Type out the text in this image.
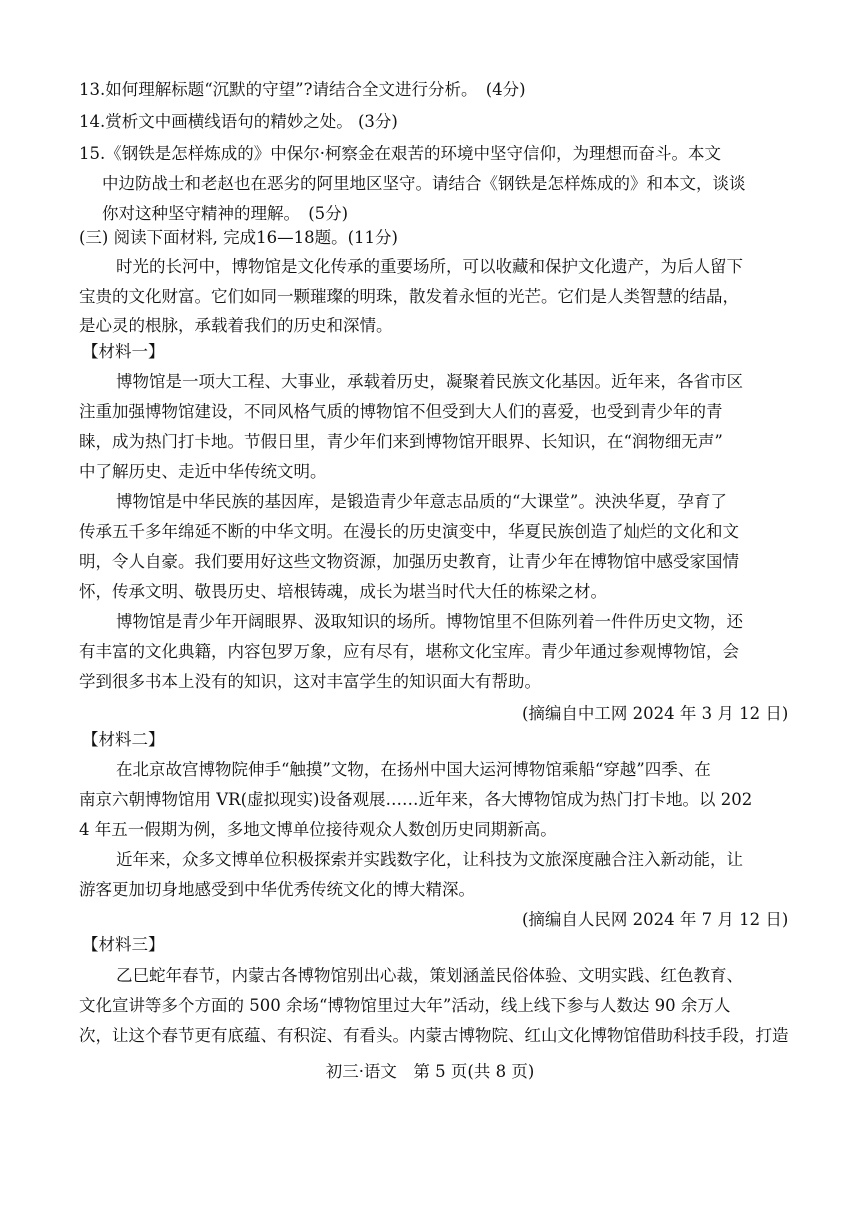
13.如何理解标题“沉默的守望”?请结合全文进行分析。　(4分)
14.赏析文中画横线语句的精妙之处。 (3分)
15.《钢铁是怎样炼成的》中保尔·柯察金在艰苦的环境中坚守信仰，为理想而奋斗。本文
中边防战士和老赵也在恶劣的阿里地区坚守。请结合《钢铁是怎样炼成的》和本文，谈谈
你对这种坚守精神的理解。　(5分)
(三) 阅读下面材料, 完成16—18题。(11分)
时光的长河中，博物馆是文化传承的重要场所，可以收藏和保护文化遗产，为后人留下
宝贵的文化财富。它们如同一颗璀璨的明珠，散发着永恒的光芒。它们是人类智慧的结晶，
是心灵的根脉，承载着我们的历史和深情。
【材料一】
博物馆是一项大工程、大事业，承载着历史，凝聚着民族文化基因。近年来，各省市区
注重加强博物馆建设，不同风格气质的博物馆不但受到大人们的喜爱，也受到青少年的青
睐，成为热门打卡地。节假日里，青少年们来到博物馆开眼界、长知识，在“润物细无声”
中了解历史、走近中华传统文明。
博物馆是中华民族的基因库，是锻造青少年意志品质的“大课堂”。泱泱华夏，孕育了
传承五千多年绵延不断的中华文明。在漫长的历史演变中，华夏民族创造了灿烂的文化和文
明，令人自豪。我们要用好这些文物资源，加强历史教育，让青少年在博物馆中感受家国情
怀，传承文明、敬畏历史、培根铸魂，成长为堪当时代大任的栋梁之材。
博物馆是青少年开阔眼界、汲取知识的场所。博物馆里不但陈列着一件件历史文物，还
有丰富的文化典籍，内容包罗万象，应有尽有，堪称文化宝库。青少年通过参观博物馆，会
学到很多书本上没有的知识，这对丰富学生的知识面大有帮助。
(摘编自中工网 2024 年 3 月 12 日)
【材料二】
在北京故宫博物院伸手“触摸”文物，在扬州中国大运河博物馆乘船“穿越”四季、在
南京六朝博物馆用 VR(虚拟现实)设备观展……近年来，各大博物馆成为热门打卡地。以 202
4 年五一假期为例，多地文博单位接待观众人数创历史同期新高。
近年来，众多文博单位积极探索并实践数字化，让科技为文旅深度融合注入新动能，让
游客更加切身地感受到中华优秀传统文化的博大精深。
(摘编自人民网 2024 年 7 月 12 日)
【材料三】
乙巳蛇年春节，内蒙古各博物馆别出心裁，策划涵盖民俗体验、文明实践、红色教育、
文化宣讲等多个方面的 500 余场“博物馆里过大年”活动，线上线下参与人数达 90 余万人
次，让这个春节更有底蕴、有积淀、有看头。内蒙古博物院、红山文化博物馆借助科技手段，打造
初三·语文　第 5 页(共 8 页)
